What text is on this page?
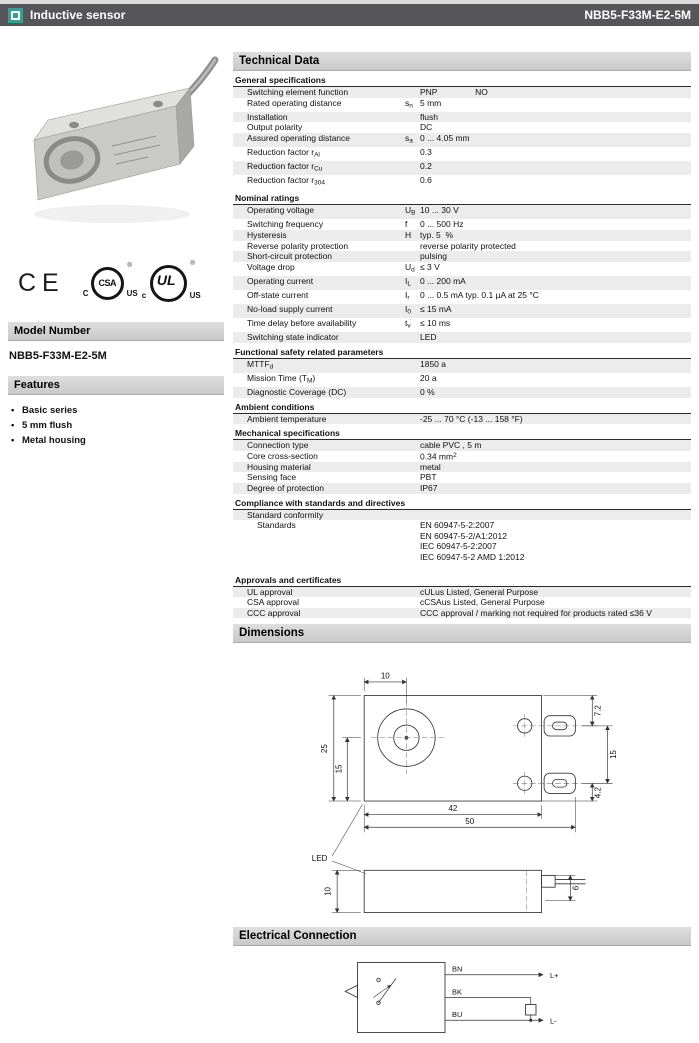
Inductive sensor	NBB5-F33M-E2-5M
CE	CSA
C	US
®
UL
c	US
®
Model Number
NBB5-F33M-E2-5M
Features
• Basic series
• 5 mm flush
• Metal housing
Technical Data
General specifications
Switching element function	PNP                NO
Rated operating distance	$s_n$ 5 mm
Installation	flush
Output polarity	DC
Assured operating distance	$s_a$ 0 ... 4.05 mm
Reduction factor $r_{Al}$	0.3
Reduction factor $r_{Cu}$	0.2
Reduction factor $r_{304}$	0.6
Nominal ratings
Operating voltage	$U_B$ 10 ... 30 V
Switching frequency	f	0 ... 500 Hz
Hysteresis	H	typ. 5  %
Reverse polarity protection	reverse polarity protected
Short-circuit protection	pulsing
Voltage drop	$U_d \le 3$ V
Operating current	$I_L$	0 ... 200 mA
Off-state current	$I_r$	0 ... 0.5 mA typ. 0.1 µA at 25 °C
No-load supply current	$I_0$	≤ 15 mA
Time delay before availability	$t_v$	≤ 10 ms
Switching state indicator	LED
Functional safety related parameters
$MTTF_d$	1850 a
Mission Time $(T_M)$	20 a
Diagnostic Coverage (DC)	0 %
Ambient conditions
Ambient temperature	-25 ... 70 °C (-13 ... 158 °F)
Mechanical specifications
Connection type	cable PVC , 5 m
Core cross-section	0.34 $mm^2$
Housing material	metal
Sensing face	PBT
Degree of protection	IP67
Compliance with standards and directives
Standard conformity
Standards	EN 60947-5-2:2007
EN 60947-5-2/A1:2012
IEC 60947-5-2:2007
IEC 60947-5-2 AMD 1:2012
Approvals and certificates
UL approval	cULus Listed, General Purpose
CSA approval	cCSAus Listed, General Purpose
CCC approval	CCC approval / marking not required for products rated ≤36 V
Dimensions
10
25
15
7.2
15
4.2
42
50
LED
10	6
Electrical Connection
BN
L+
BK
BU
L-
